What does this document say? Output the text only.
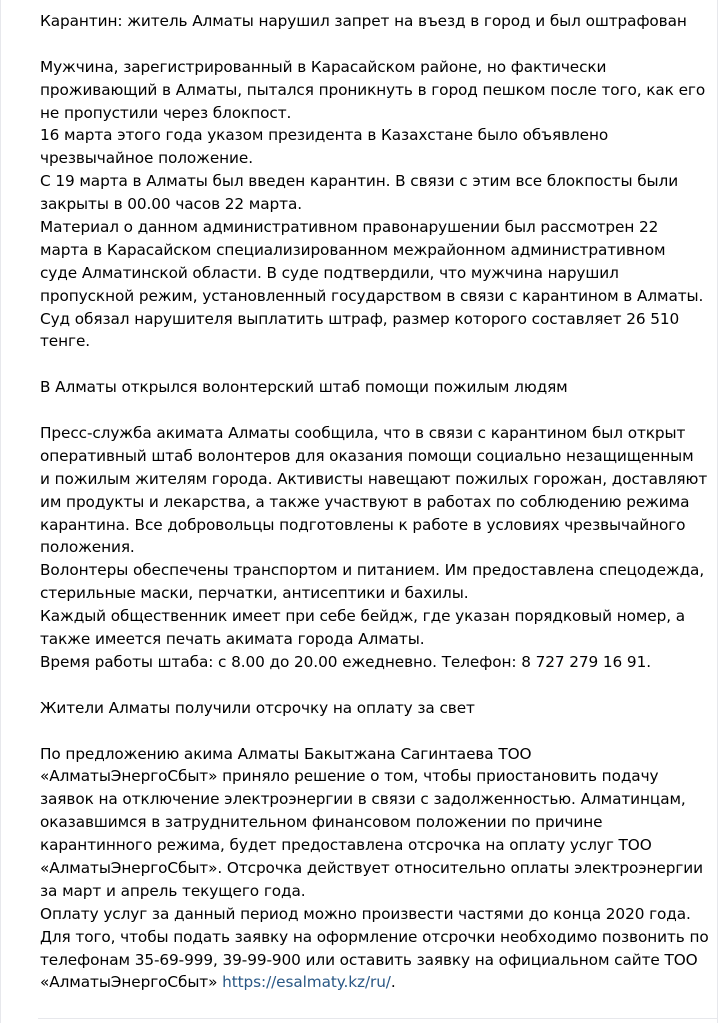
Карантин: житель Алматы нарушил запрет на въезд в город и был оштрафован
Мужчина, зарегистрированный в Карасайском районе, но фактически
проживающий в Алматы, пытался проникнуть в город пешком после того, как его
не пропустили через блокпост.
16 марта этого года указом президента в Казахстане было объявлено
чрезвычайное положение.
С 19 марта в Алматы был введен карантин. В связи с этим все блокпосты были
закрыты в 00.00 часов 22 марта.
Материал о данном административном правонарушении был рассмотрен 22
марта в Карасайском специализированном межрайонном административном
суде Алматинской области. В суде подтвердили, что мужчина нарушил
пропускной режим, установленный государством в связи с карантином в Алматы.
Суд обязал нарушителя выплатить штраф, размер которого составляет 26 510
тенге.
В Алматы открылся волонтерский штаб помощи пожилым людям
Пресс-служба акимата Алматы сообщила, что в связи с карантином был открыт
оперативный штаб волонтеров для оказания помощи социально незащищенным
и пожилым жителям города. Активисты навещают пожилых горожан, доставляют
им продукты и лекарства, а также участвуют в работах по соблюдению режима
карантина. Все добровольцы подготовлены к работе в условиях чрезвычайного
положения.
Волонтеры обеспечены транспортом и питанием. Им предоставлена спецодежда,
стерильные маски, перчатки, антисептики и бахилы.
Каждый общественник имеет при себе бейдж, где указан порядковый номер, а
также имеется печать акимата города Алматы.
Время работы штаба: с 8.00 до 20.00 ежедневно. Телефон: 8 727 279 16 91.
Жители Алматы получили отсрочку на оплату за свет
По предложению акима Алматы Бакытжана Сагинтаева ТОО
«АлматыЭнергоСбыт» приняло решение о том, чтобы приостановить подачу
заявок на отключение электроэнергии в связи с задолженностью. Алматинцам,
оказавшимся в затруднительном финансовом положении по причине
карантинного режима, будет предоставлена отсрочка на оплату услуг ТОО
«АлматыЭнергоСбыт». Отсрочка действует относительно оплаты электроэнергии
за март и апрель текущего года.
Оплату услуг за данный период можно произвести частями до конца 2020 года.
Для того, чтобы подать заявку на оформление отсрочки необходимо позвонить по
телефонам 35-69-999, 39-99-900 или оставить заявку на официальном сайте ТОО
«АлматыЭнергоСбыт» https://esalmaty.kz/ru/.
